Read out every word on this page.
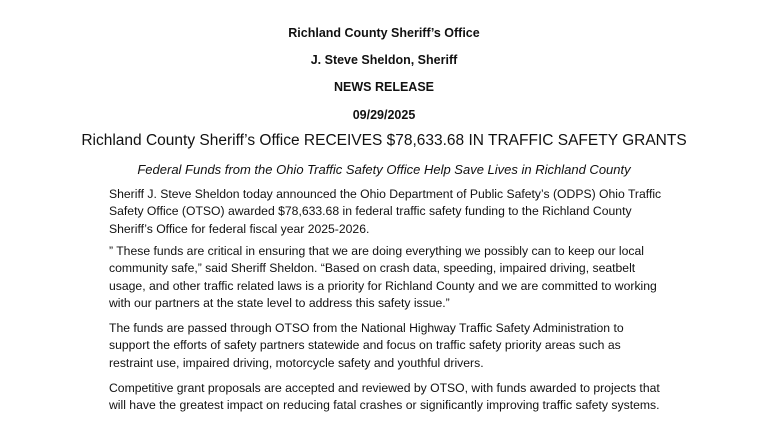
Richland County Sheriff’s Office

J. Steve Sheldon, Sheriff

NEWS RELEASE

09/29/2025

Richland County Sheriff’s Office RECEIVES $78,633.68 IN TRAFFIC SAFETY GRANTS

Federal Funds from the Ohio Traffic Safety Office Help Save Lives in Richland County

Sheriff J. Steve Sheldon today announced the Ohio Department of Public Safety’s (ODPS) Ohio Traffic Safety Office (OTSO) awarded $78,633.68 in federal traffic safety funding to the Richland County Sheriff’s Office for federal fiscal year 2025-2026.

” These funds are critical in ensuring that we are doing everything we possibly can to keep our local community safe,” said Sheriff Sheldon. “Based on crash data, speeding, impaired driving, seatbelt usage, and other traffic related laws is a priority for Richland County and we are committed to working with our partners at the state level to address this safety issue.”

The funds are passed through OTSO from the National Highway Traffic Safety Administration to support the efforts of safety partners statewide and focus on traffic safety priority areas such as restraint use, impaired driving, motorcycle safety and youthful drivers.

Competitive grant proposals are accepted and reviewed by OTSO, with funds awarded to projects that will have the greatest impact on reducing fatal crashes or significantly improving traffic safety systems.
